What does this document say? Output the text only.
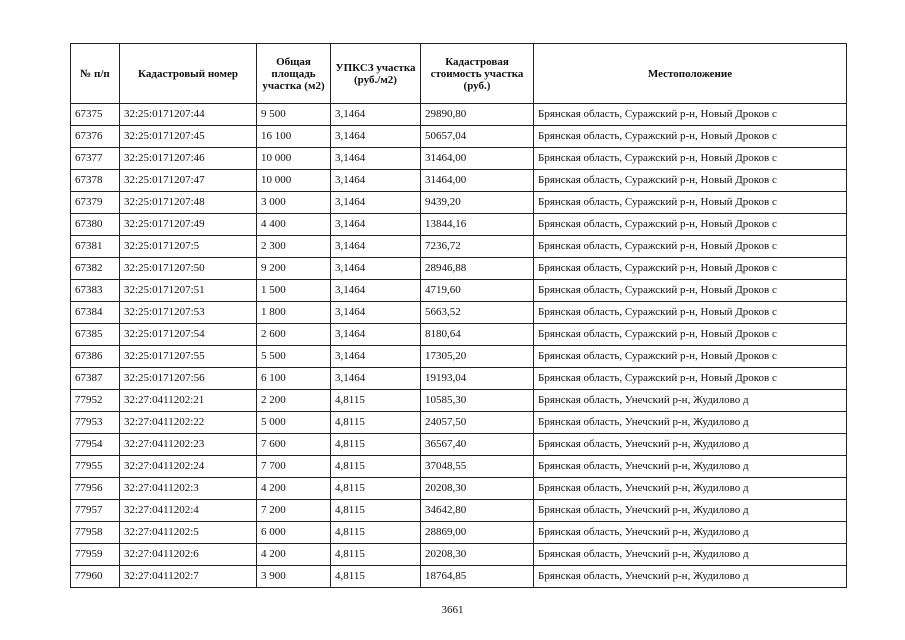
№ п/п	Кадастровый номер	Общая площадь участка (м2)	УПКСЗ участка (руб./м2)	Кадастровая стоимость участка (руб.)	Местоположение
67375	32:25:0171207:44	9 500	3,1464	29890,80	Брянская область, Суражский р-н, Новый Дроков с
67376	32:25:0171207:45	16 100	3,1464	50657,04	Брянская область, Суражский р-н, Новый Дроков с
67377	32:25:0171207:46	10 000	3,1464	31464,00	Брянская область, Суражский р-н, Новый Дроков с
67378	32:25:0171207:47	10 000	3,1464	31464,00	Брянская область, Суражский р-н, Новый Дроков с
67379	32:25:0171207:48	3 000	3,1464	9439,20	Брянская область, Суражский р-н, Новый Дроков с
67380	32:25:0171207:49	4 400	3,1464	13844,16	Брянская область, Суражский р-н, Новый Дроков с
67381	32:25:0171207:5	2 300	3,1464	7236,72	Брянская область, Суражский р-н, Новый Дроков с
67382	32:25:0171207:50	9 200	3,1464	28946,88	Брянская область, Суражский р-н, Новый Дроков с
67383	32:25:0171207:51	1 500	3,1464	4719,60	Брянская область, Суражский р-н, Новый Дроков с
67384	32:25:0171207:53	1 800	3,1464	5663,52	Брянская область, Суражский р-н, Новый Дроков с
67385	32:25:0171207:54	2 600	3,1464	8180,64	Брянская область, Суражский р-н, Новый Дроков с
67386	32:25:0171207:55	5 500	3,1464	17305,20	Брянская область, Суражский р-н, Новый Дроков с
67387	32:25:0171207:56	6 100	3,1464	19193,04	Брянская область, Суражский р-н, Новый Дроков с
77952	32:27:0411202:21	2 200	4,8115	10585,30	Брянская область, Унечский р-н, Жудилово д
77953	32:27:0411202:22	5 000	4,8115	24057,50	Брянская область, Унечский р-н, Жудилово д
77954	32:27:0411202:23	7 600	4,8115	36567,40	Брянская область, Унечский р-н, Жудилово д
77955	32:27:0411202:24	7 700	4,8115	37048,55	Брянская область, Унечский р-н, Жудилово д
77956	32:27:0411202:3	4 200	4,8115	20208,30	Брянская область, Унечский р-н, Жудилово д
77957	32:27:0411202:4	7 200	4,8115	34642,80	Брянская область, Унечский р-н, Жудилово д
77958	32:27:0411202:5	6 000	4,8115	28869,00	Брянская область, Унечский р-н, Жудилово д
77959	32:27:0411202:6	4 200	4,8115	20208,30	Брянская область, Унечский р-н, Жудилово д
77960	32:27:0411202:7	3 900	4,8115	18764,85	Брянская область, Унечский р-н, Жудилово д
3661
